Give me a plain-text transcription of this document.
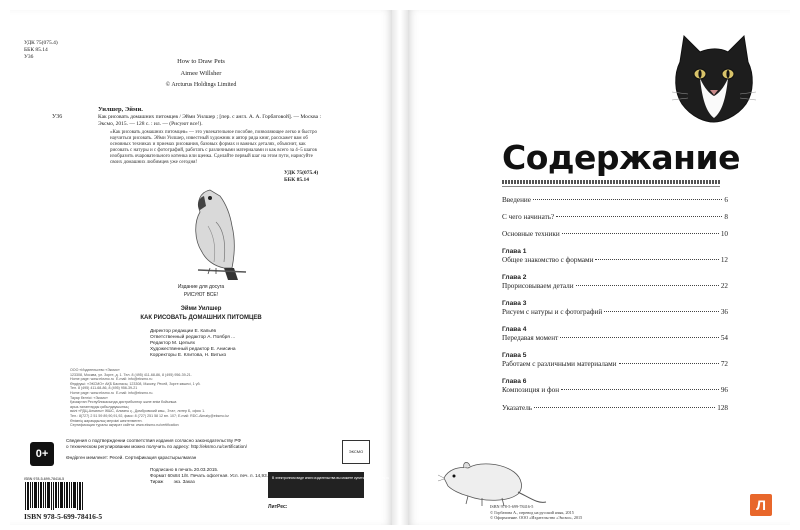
УДК 75(075.4)
ББК 85.14
У36
How to Draw Pets
Aimee Willsher
© Arcturus Holdings Limited
У36
Уилшер, Эйми.
Как рисовать домашних питомцев / Эйми Уилшер ; [пер. с англ. А. А. Горбатовой]. — Москва : Эксмо, 2015. — 128 с. : ил. — (Рисуют все!).
«Как рисовать домашних питомцев» — это увлекательное пособие, позволяющее легко и быстро научиться рисовать. Эйми Уилшер, известный художник и автор ряда книг, расскажет вам об основных техниках и приемах рисования, базовых формах и важных деталях, объяснит, как рисовать с натуры и с фотографий, работать с различными материалами и как всего за 4–5 шагов изобразить очаровательного котенка или щенка. Сделайте первый шаг на этом пути, нарисуйте своих домашних любимцев уже сегодня!
УДК 75(075.4)
ББК 85.14
Издание для досуга
РИСУЮТ ВСЕ!
Эйми Уилшер
КАК РИСОВАТЬ ДОМАШНИХ ПИТОМЦЕВ
Директор редакции Е. Капьёв
Ответственный редактор А. Поября ...
Редактор М. Цельях
Художественный редактор Е. Анисина
Корректоры Е. Клитова, Н. Витько
ООО «Издательство «Эксмо»
123308, Москва, ул. Зорге, д. 1. Тел. 8 (495) 411-68-86, 8 (495) 956-39-21.
Home page: www.eksmo.ru  E-mail: info@eksmo.ru
Өндіруші: «ЭКСМО» АҚБ Баспасы, 123308, Мәскеу, Ресей, Зорге көшесі, 1 үй.
Тел. 8 (495) 411-68-86, 8 (495) 956-39-21
Home page: www.eksmo.ru  E-mail: info@eksmo.ru.
Тауар белгісі: «Эксмо»
Қазақстан Республикасында дистрибьютор және өнім бойынша
арыз-талаптарды қабылдаушының
өкілі «РДЦ-Алматы» ЖШС, Алматы қ., Домбровский көш., 3«а», литер Б, офис 1.
Тел.: 8(727) 2 51 59 89,90,91,92, факс: 8 (727) 251 58 12 вн. 107; E-mail: RDC-Almaty@eksmo.kz
Өнімнің жарамдылық мерзімі шектелмеген.
Сертификация туралы ақпарат сайтта: www.eksmo.ru/certification
0+
Сведения о подтверждении соответствия издания согласно законодательству РФ
о техническом регулировании можно получить по адресу: http://eksmo.ru/certification/

Өндірген мемлекет: Ресей. Сертификация қарастырылмаған
Подписано в печать 20.03.2015.
Формат 60x84 1/8. Печать офсетная. Усл. печ. л. 14,93.
Тираж        экз. Заказ
ISBN 978-5-699-78416-5
ISBN 978-5-699-78416-5
ЭКСМО
В электронном виде книги издательства вы можете купить на www.litres.ru
ЛитРес:
Содержание
Введение	6
С чего начинать?	8
Основные техники	10
Глава 1
Общее знакомство с формами	12
Глава 2
Прорисовываем детали	22
Глава 3
Рисуем с натуры и с фотографий	36
Глава 4
Передавая момент	54
Глава 5
Работаем с различными материалами	72
Глава 6
Композиция и фон	96
Указатель	128
ISBN 978-5-699-78416-5
© Горбатова А., перевод на русский язык, 2015
© Оформление. ООО «Издательство «Эксмо», 2015
Л
